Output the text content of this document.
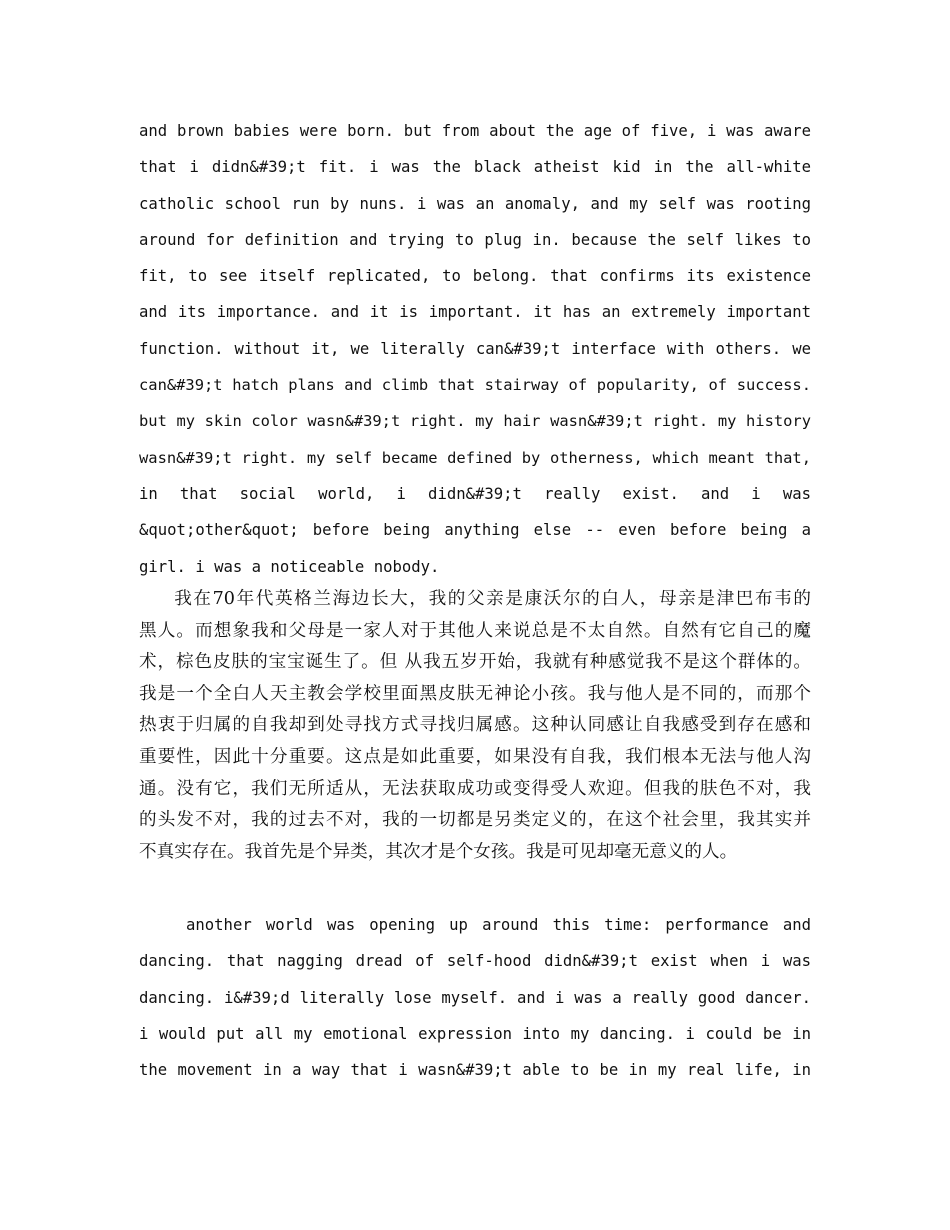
and brown babies were born. but from about the age of five, i was aware
that i didn&#39;t fit. i was the black atheist kid in the all-white
catholic school run by nuns. i was an anomaly, and my self was rooting
around for definition and trying to plug in. because the self likes to
fit, to see itself replicated, to belong. that confirms its existence
and its importance. and it is important. it has an extremely important
function. without it, we literally can&#39;t interface with others. we
can&#39;t hatch plans and climb that stairway of popularity, of success.
but my skin color wasn&#39;t right. my hair wasn&#39;t right. my history
wasn&#39;t right. my self became defined by otherness, which meant that,
in that social world, i didn&#39;t really exist. and i was
&quot;other&quot; before being anything else -- even before being a
girl. i was a noticeable nobody.
我在70年代英格兰海边长大，我的父亲是康沃尔的白人，母亲是津巴布韦的
黑人。而想象我和父母是一家人对于其他人来说总是不太自然。自然有它自己的魔
术，棕色皮肤的宝宝诞生了。但 从我五岁开始，我就有种感觉我不是这个群体的。
我是一个全白人天主教会学校里面黑皮肤无神论小孩。我与他人是不同的，而那个
热衷于归属的自我却到处寻找方式寻找归属感。这种认同感让自我感受到存在感和
重要性，因此十分重要。这点是如此重要，如果没有自我，我们根本无法与他人沟
通。没有它，我们无所适从，无法获取成功或变得受人欢迎。但我的肤色不对，我
的头发不对，我的过去不对，我的一切都是另类定义的，在这个社会里，我其实并
不真实存在。我首先是个异类，其次才是个女孩。我是可见却毫无意义的人。
another world was opening up around this time: performance and
dancing. that nagging dread of self-hood didn&#39;t exist when i was
dancing. i&#39;d literally lose myself. and i was a really good dancer.
i would put all my emotional expression into my dancing. i could be in
the movement in a way that i wasn&#39;t able to be in my real life, in
